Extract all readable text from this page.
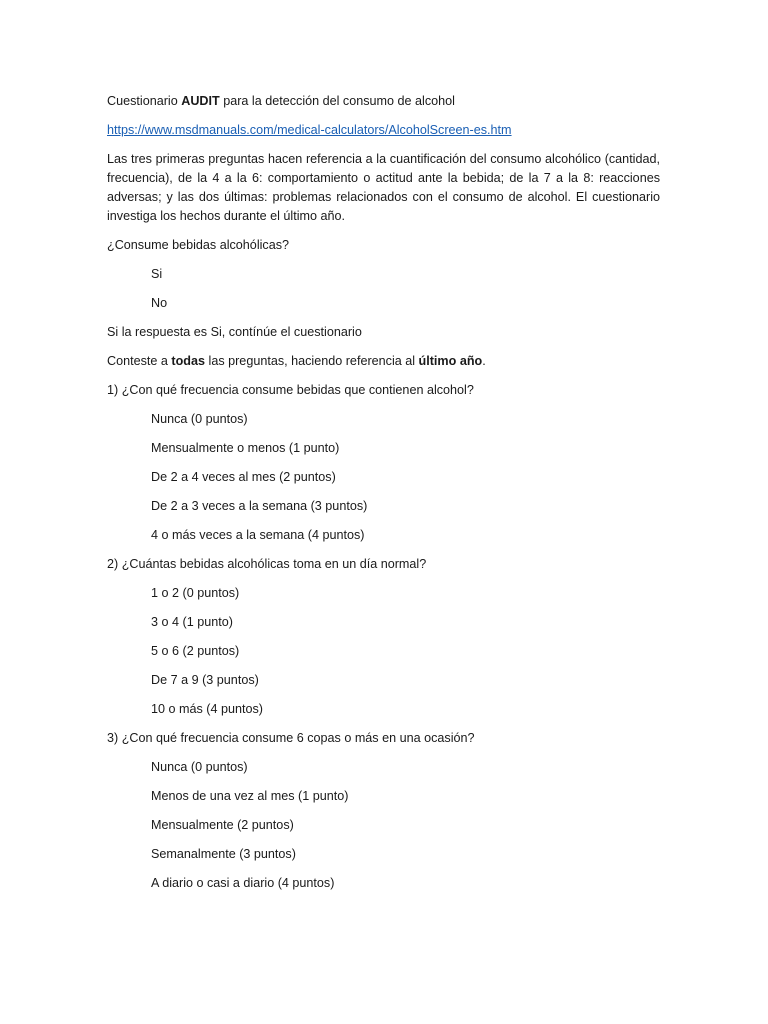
Cuestionario AUDIT para la detección del consumo de alcohol
https://www.msdmanuals.com/medical-calculators/AlcoholScreen-es.htm
Las tres primeras preguntas hacen referencia a la cuantificación del consumo alcohólico (cantidad, frecuencia), de la 4 a la 6: comportamiento o actitud ante la bebida; de la 7 a la 8: reacciones adversas; y las dos últimas: problemas relacionados con el consumo de alcohol. El cuestionario investiga los hechos durante el último año.
¿Consume bebidas alcohólicas?
Si
No
Si la respuesta es Si, contínúe el cuestionario
Conteste a todas las preguntas, haciendo referencia al último año.
1) ¿Con qué frecuencia consume bebidas que contienen alcohol?
Nunca (0 puntos)
Mensualmente o menos (1 punto)
De 2 a 4 veces al mes (2 puntos)
De 2 a 3 veces a la semana (3 puntos)
4 o más veces a la semana (4 puntos)
2) ¿Cuántas bebidas alcohólicas toma en un día normal?
1 o 2 (0 puntos)
3 o 4 (1 punto)
5 o 6 (2 puntos)
De 7 a 9 (3 puntos)
10 o más (4 puntos)
3) ¿Con qué frecuencia consume 6 copas o más en una ocasión?
Nunca (0 puntos)
Menos de una vez al mes (1 punto)
Mensualmente (2 puntos)
Semanalmente (3 puntos)
A diario o casi a diario (4 puntos)
